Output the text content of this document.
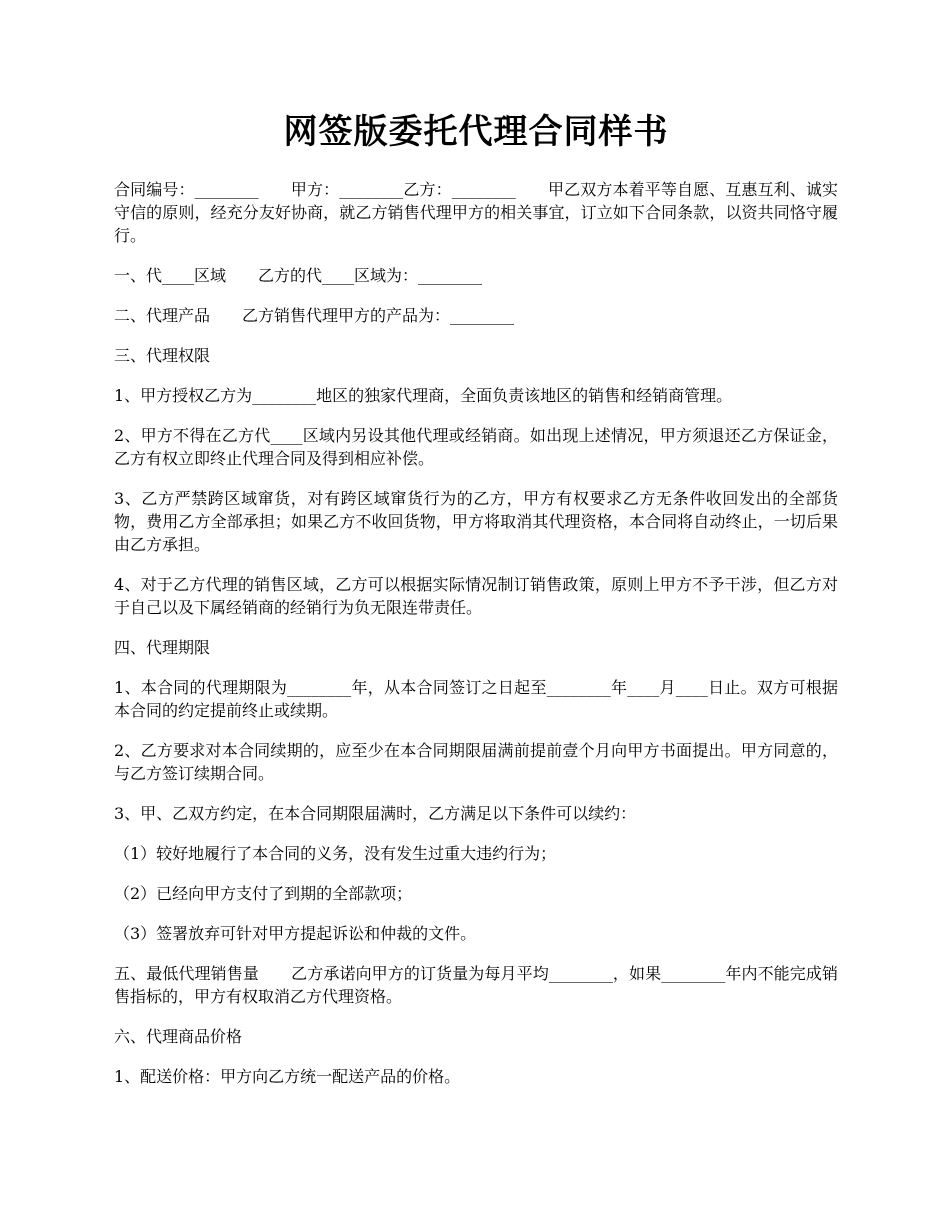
网签版委托代理合同样书

合同编号：________　　甲方：________乙方：________　　甲乙双方本着平等自愿、互惠互利、诚实守信的原则，经充分友好协商，就乙方销售代理甲方的相关事宜，订立如下合同条款，以资共同恪守履行。

一、代____区域　　乙方的代____区域为：________

二、代理产品　　乙方销售代理甲方的产品为：________

三、代理权限

1、甲方授权乙方为________地区的独家代理商，全面负责该地区的销售和经销商管理。

2、甲方不得在乙方代____区域内另设其他代理或经销商。如出现上述情况，甲方须退还乙方保证金，乙方有权立即终止代理合同及得到相应补偿。

3、乙方严禁跨区域窜货，对有跨区域窜货行为的乙方，甲方有权要求乙方无条件收回发出的全部货物，费用乙方全部承担；如果乙方不收回货物，甲方将取消其代理资格，本合同将自动终止，一切后果由乙方承担。

4、对于乙方代理的销售区域，乙方可以根据实际情况制订销售政策，原则上甲方不予干涉，但乙方对于自己以及下属经销商的经销行为负无限连带责任。

四、代理期限

1、本合同的代理期限为________年，从本合同签订之日起至________年____月____日止。双方可根据本合同的约定提前终止或续期。

2、乙方要求对本合同续期的，应至少在本合同期限届满前提前壹个月向甲方书面提出。甲方同意的，与乙方签订续期合同。

3、甲、乙双方约定，在本合同期限届满时，乙方满足以下条件可以续约：

（1）较好地履行了本合同的义务，没有发生过重大违约行为；

（2）已经向甲方支付了到期的全部款项；

（3）签署放弃可针对甲方提起诉讼和仲裁的文件。

五、最低代理销售量　　乙方承诺向甲方的订货量为每月平均________，如果________年内不能完成销售指标的，甲方有权取消乙方代理资格。

六、代理商品价格

1、配送价格：甲方向乙方统一配送产品的价格。
